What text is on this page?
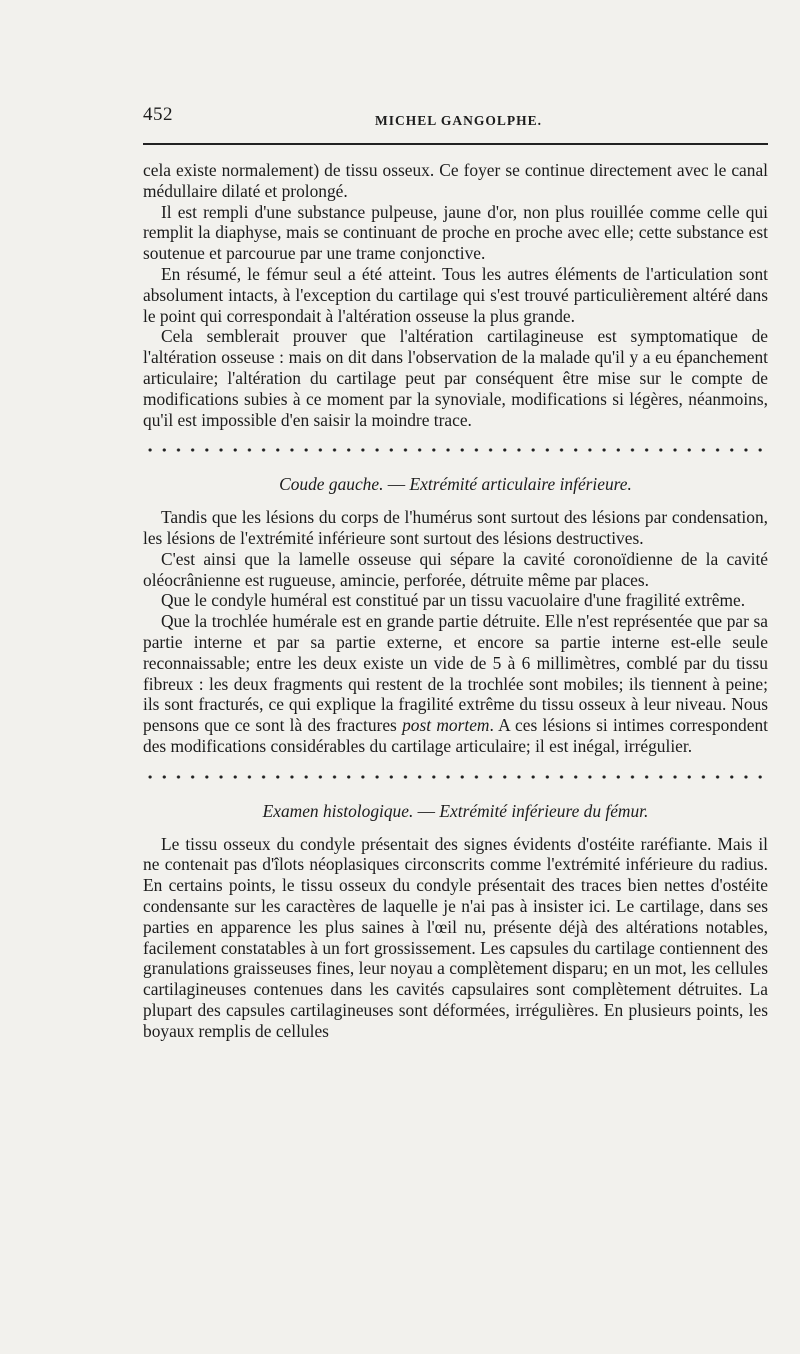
452	MICHEL GANGOLPHE.

cela existe normalement) de tissu osseux. Ce foyer se continue directement avec le canal médullaire dilaté et prolongé.

Il est rempli d'une substance pulpeuse, jaune d'or, non plus rouillée comme celle qui remplit la diaphyse, mais se continuant de proche en proche avec elle; cette substance est soutenue et parcourue par une trame conjonctive.

En résumé, le fémur seul a été atteint. Tous les autres éléments de l'articulation sont absolument intacts, à l'exception du cartilage qui s'est trouvé particulièrement altéré dans le point qui correspondait à l'altération osseuse la plus grande.

Cela semblerait prouver que l'altération cartilagineuse est symptomatique de l'altération osseuse : mais on dit dans l'observation de la malade qu'il y a eu épanchement articulaire; l'altération du cartilage peut par conséquent être mise sur le compte de modifications subies à ce moment par la synoviale, modifications si légères, néanmoins, qu'il est impossible d'en saisir la moindre trace.

Coude gauche. — Extrémité articulaire inférieure.

Tandis que les lésions du corps de l'humérus sont surtout des lésions par condensation, les lésions de l'extrémité inférieure sont surtout des lésions destructives.

C'est ainsi que la lamelle osseuse qui sépare la cavité coronoïdienne de la cavité oléocrânienne est rugueuse, amincie, perforée, détruite même par places.

Que le condyle huméral est constitué par un tissu vacuolaire d'une fragilité extrême.

Que la trochlée humérale est en grande partie détruite. Elle n'est représentée que par sa partie interne et par sa partie externe, et encore sa partie interne est-elle seule reconnaissable; entre les deux existe un vide de 5 à 6 millimètres, comblé par du tissu fibreux : les deux fragments qui restent de la trochlée sont mobiles; ils tiennent à peine; ils sont fracturés, ce qui explique la fragilité extrême du tissu osseux à leur niveau. Nous pensons que ce sont là des fractures post mortem. A ces lésions si intimes correspondent des modifications considérables du cartilage articulaire; il est inégal, irrégulier.

Examen histologique. — Extrémité inférieure du fémur.

Le tissu osseux du condyle présentait des signes évidents d'ostéite raréfiante. Mais il ne contenait pas d'îlots néoplasiques circonscrits comme l'extrémité inférieure du radius. En certains points, le tissu osseux du condyle présentait des traces bien nettes d'ostéite condensante sur les caractères de laquelle je n'ai pas à insister ici. Le cartilage, dans ses parties en apparence les plus saines à l'œil nu, présente déjà des altérations notables, facilement constatables à un fort grossissement. Les capsules du cartilage contiennent des granulations graisseuses fines, leur noyau a complètement disparu; en un mot, les cellules cartilagineuses contenues dans les cavités capsulaires sont complètement détruites. La plupart des capsules cartilagineuses sont déformées, irrégulières. En plusieurs points, les boyaux remplis de cellules
